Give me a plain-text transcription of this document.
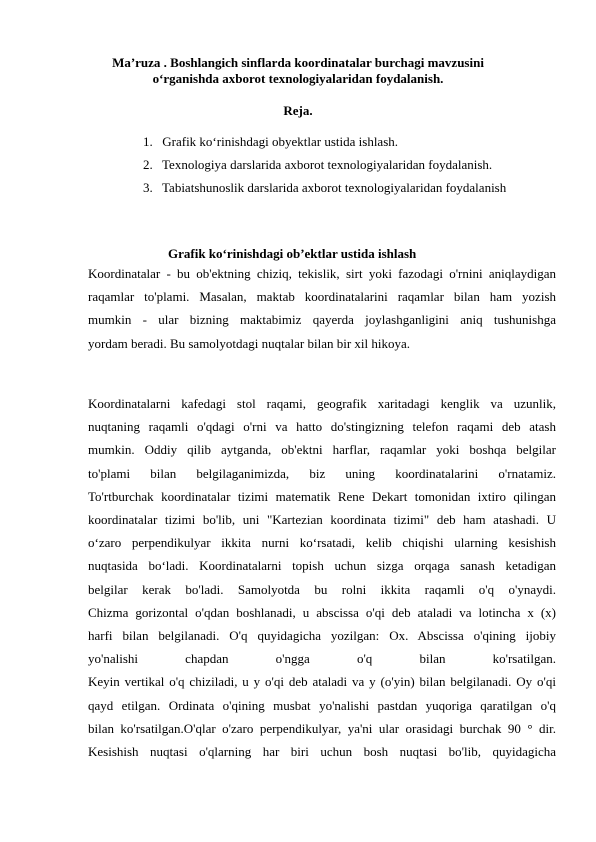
Ma’ruza . Boshlangich sinflarda koordinatalar burchagi mavzusini
o‘rganishda axborot texnologiyalaridan foydalanish.
Reja.
1. Grafik ko‘rinishdagi obyektlar ustida ishlash.
2. Texnologiya darslarida axborot texnologiyalaridan foydalanish.
3. Tabiatshunoslik darslarida axborot texnologiyalaridan foydalanish
Grafik ko‘rinishdagi ob’ektlar ustida ishlash
Koordinatalar - bu ob'ektning chiziq, tekislik, sirt yoki fazodagi o'rnini aniqlaydigan
raqamlar to'plami. Masalan, maktab koordinatalarini raqamlar bilan ham yozish
mumkin - ular bizning maktabimiz qayerda joylashganligini aniq tushunishga
yordam beradi. Bu samolyotdagi nuqtalar bilan bir xil hikoya.
Koordinatalarni kafedagi stol raqami, geografik xaritadagi kenglik va uzunlik,
nuqtaning raqamli o'qdagi o'rni va hatto do'stingizning telefon raqami deb atash
mumkin. Oddiy qilib aytganda, ob'ektni harflar, raqamlar yoki boshqa belgilar
to'plami bilan belgilaganimizda, biz uning koordinatalarini o'rnatamiz.
To'rtburchak koordinatalar tizimi matematik Rene Dekart tomonidan ixtiro qilingan
koordinatalar tizimi bo'lib, uni "Kartezian koordinata tizimi" deb ham atashadi. U
o‘zaro perpendikulyar ikkita nurni ko‘rsatadi, kelib chiqishi ularning kesishish
nuqtasida bo‘ladi. Koordinatalarni topish uchun sizga orqaga sanash ketadigan
belgilar kerak bo'ladi. Samolyotda bu rolni ikkita raqamli o'q o'ynaydi.
Chizma gorizontal o'qdan boshlanadi, u abscissa o'qi deb ataladi va lotincha x (x)
harfi bilan belgilanadi. O'q quyidagicha yozilgan: Ox. Abscissa o'qining ijobiy
yo'nalishi chapdan o'ngga o'q bilan ko'rsatilgan.
Keyin vertikal o'q chiziladi, u y o'qi deb ataladi va y (o'yin) bilan belgilanadi. Oy o'qi
qayd etilgan. Ordinata o'qining musbat yo'nalishi pastdan yuqoriga qaratilgan o'q
bilan ko'rsatilgan.O'qlar o'zaro perpendikulyar, ya'ni ular orasidagi burchak 90 ° dir.
Kesishish nuqtasi o'qlarning har biri uchun bosh nuqtasi bo'lib, quyidagicha
